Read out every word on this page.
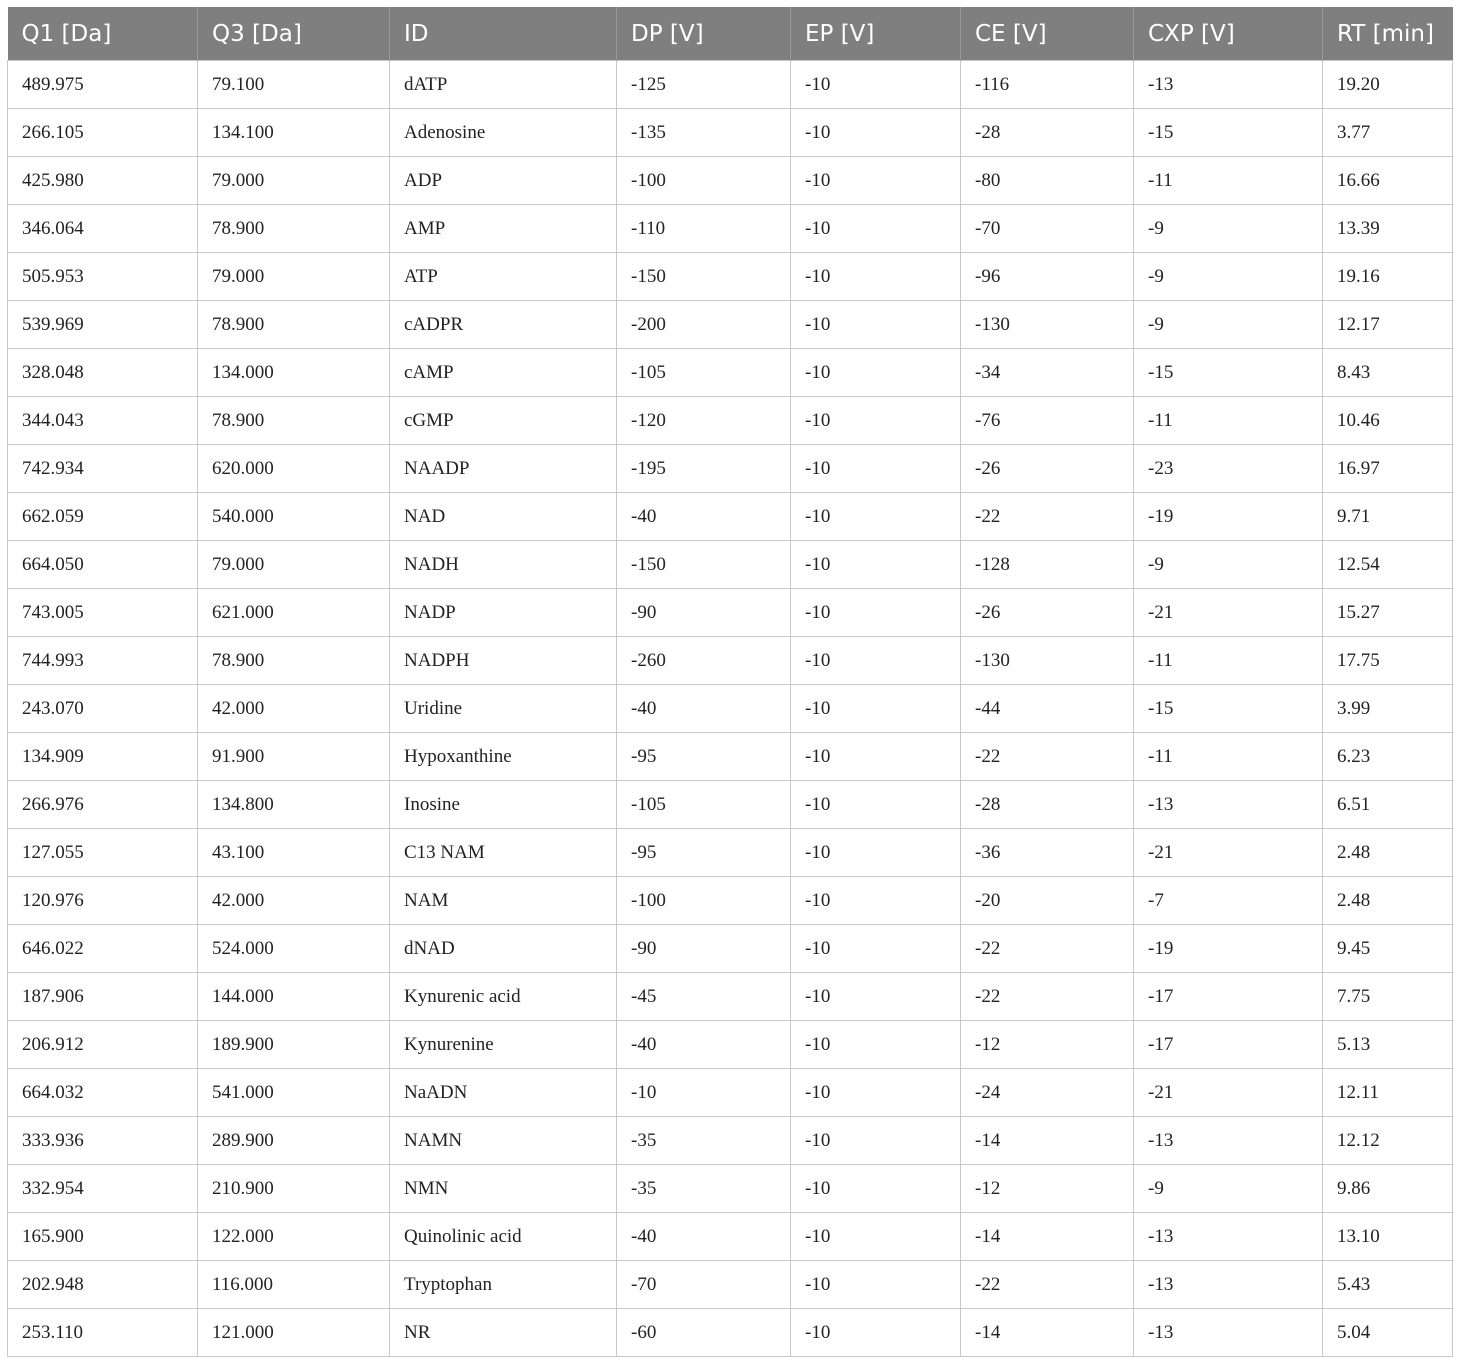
Q1 [Da]	Q3 [Da]	ID	DP [V]	EP [V]	CE [V]	CXP [V]	RT [min]
489.975	79.100	dATP	-125	-10	-116	-13	19.20
266.105	134.100	Adenosine	-135	-10	-28	-15	3.77
425.980	79.000	ADP	-100	-10	-80	-11	16.66
346.064	78.900	AMP	-110	-10	-70	-9	13.39
505.953	79.000	ATP	-150	-10	-96	-9	19.16
539.969	78.900	cADPR	-200	-10	-130	-9	12.17
328.048	134.000	cAMP	-105	-10	-34	-15	8.43
344.043	78.900	cGMP	-120	-10	-76	-11	10.46
742.934	620.000	NAADP	-195	-10	-26	-23	16.97
662.059	540.000	NAD	-40	-10	-22	-19	9.71
664.050	79.000	NADH	-150	-10	-128	-9	12.54
743.005	621.000	NADP	-90	-10	-26	-21	15.27
744.993	78.900	NADPH	-260	-10	-130	-11	17.75
243.070	42.000	Uridine	-40	-10	-44	-15	3.99
134.909	91.900	Hypoxanthine	-95	-10	-22	-11	6.23
266.976	134.800	Inosine	-105	-10	-28	-13	6.51
127.055	43.100	C13 NAM	-95	-10	-36	-21	2.48
120.976	42.000	NAM	-100	-10	-20	-7	2.48
646.022	524.000	dNAD	-90	-10	-22	-19	9.45
187.906	144.000	Kynurenic acid	-45	-10	-22	-17	7.75
206.912	189.900	Kynurenine	-40	-10	-12	-17	5.13
664.032	541.000	NaADN	-10	-10	-24	-21	12.11
333.936	289.900	NAMN	-35	-10	-14	-13	12.12
332.954	210.900	NMN	-35	-10	-12	-9	9.86
165.900	122.000	Quinolinic acid	-40	-10	-14	-13	13.10
202.948	116.000	Tryptophan	-70	-10	-22	-13	5.43
253.110	121.000	NR	-60	-10	-14	-13	5.04
